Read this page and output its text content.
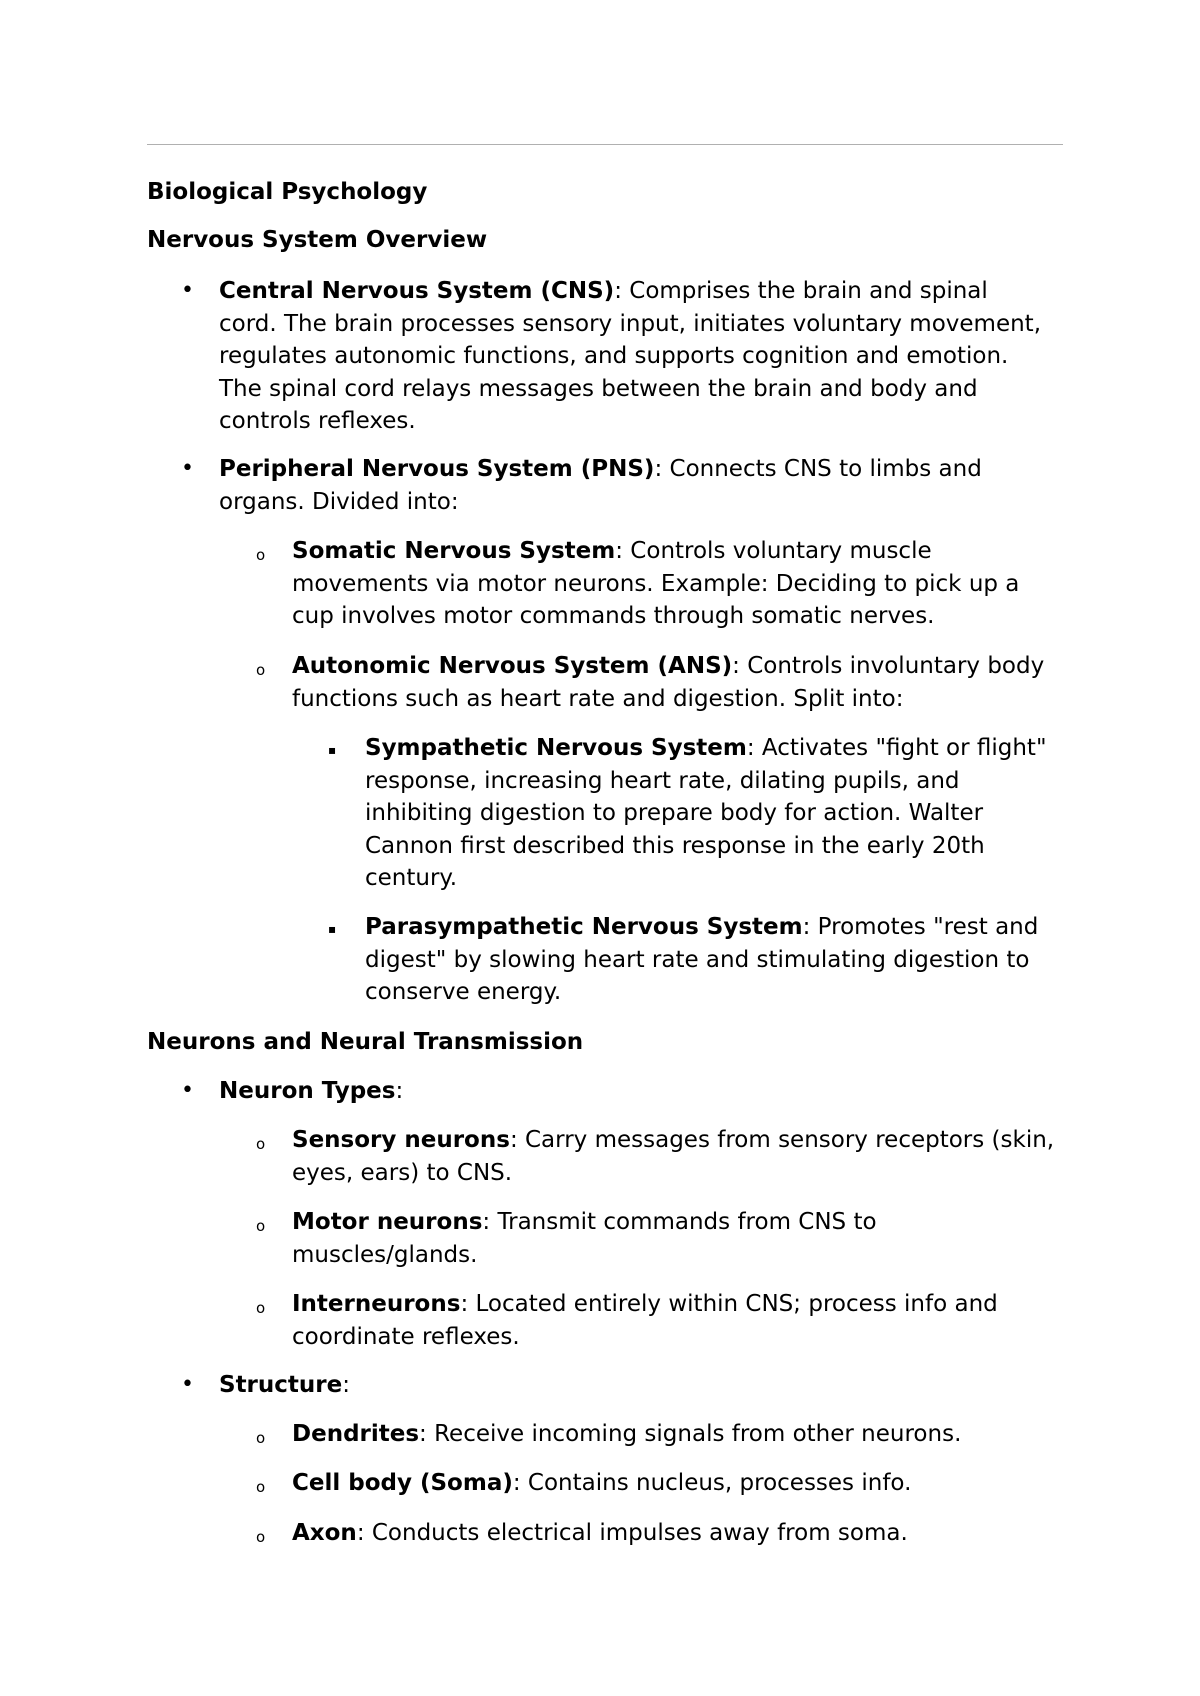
Biological Psychology
Nervous System Overview
• Central Nervous System (CNS): Comprises the brain and spinal cord. The brain processes sensory input, initiates voluntary movement, regulates autonomic functions, and supports cognition and emotion. The spinal cord relays messages between the brain and body and controls reflexes.

• Peripheral Nervous System (PNS): Connects CNS to limbs and organs. Divided into:

o Somatic Nervous System: Controls voluntary muscle movements via motor neurons. Example: Deciding to pick up a cup involves motor commands through somatic nerves.

o Autonomic Nervous System (ANS): Controls involuntary body functions such as heart rate and digestion. Split into:

▪ Sympathetic Nervous System: Activates "fight or flight" response, increasing heart rate, dilating pupils, and inhibiting digestion to prepare body for action. Walter Cannon first described this response in the early 20th century.

▪ Parasympathetic Nervous System: Promotes "rest and digest" by slowing heart rate and stimulating digestion to conserve energy.

Neurons and Neural Transmission
• Neuron Types:

o Sensory neurons: Carry messages from sensory receptors (skin, eyes, ears) to CNS.

o Motor neurons: Transmit commands from CNS to muscles/glands.

o Interneurons: Located entirely within CNS; process info and coordinate reflexes.

• Structure:

o Dendrites: Receive incoming signals from other neurons.

o Cell body (Soma): Contains nucleus, processes info.

o Axon: Conducts electrical impulses away from soma.
